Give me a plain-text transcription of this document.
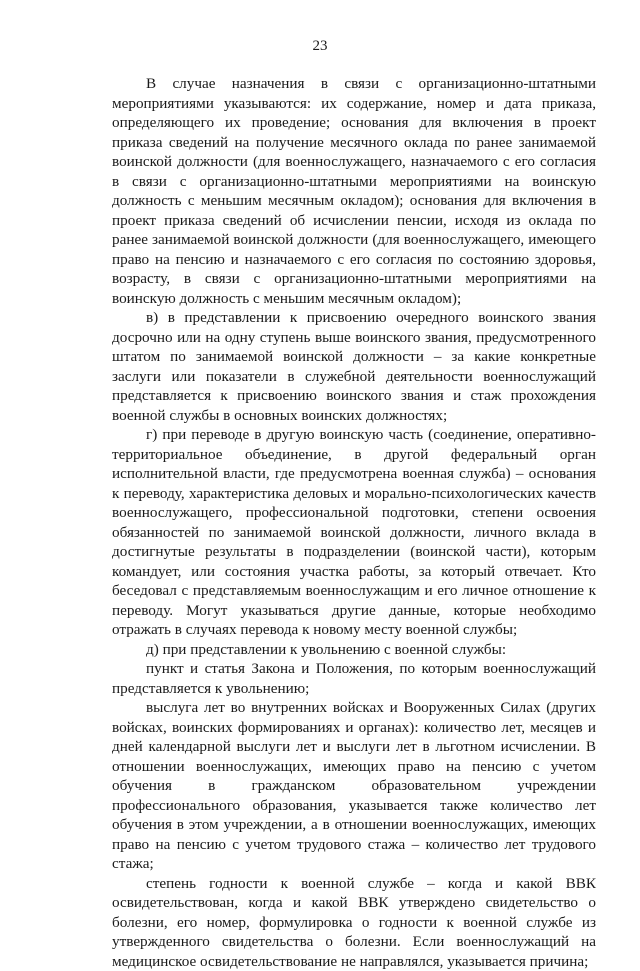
23

В случае назначения в связи с организационно-штатными мероприятиями указываются: их содержание, номер и дата приказа, определяющего их проведение; основания для включения в проект приказа сведений на получение месячного оклада по ранее занимаемой воинской должности (для военнослужащего, назначаемого с его согласия в связи с организационно-штатными мероприятиями на воинскую должность с меньшим месячным окладом); основания для включения в проект приказа сведений об исчислении пенсии, исходя из оклада по ранее занимаемой воинской должности (для военнослужащего, имеющего право на пенсию и назначаемого с его согласия по состоянию здоровья, возрасту, в связи с организационно-штатными мероприятиями на воинскую должность с меньшим месячным окладом);

в) в представлении к присвоению очередного воинского звания досрочно или на одну ступень выше воинского звания, предусмотренного штатом по занимаемой воинской должности – за какие конкретные заслуги или показатели в служебной деятельности военнослужащий представляется к присвоению воинского звания и стаж прохождения военной службы в основных воинских должностях;

г) при переводе в другую воинскую часть (соединение, оперативно-территориальное объединение, в другой федеральный орган исполнительной власти, где предусмотрена военная служба) – основания к переводу, характеристика деловых и морально-психологических качеств военнослужащего, профессиональной подготовки, степени освоения обязанностей по занимаемой воинской должности, личного вклада в достигнутые результаты в подразделении (воинской части), которым командует, или состояния участка работы, за который отвечает. Кто беседовал с представляемым военнослужащим и его личное отношение к переводу. Могут указываться другие данные, которые необходимо отражать в случаях перевода к новому месту военной службы;

д) при представлении к увольнению с военной службы:

пункт и статья Закона и Положения, по которым военнослужащий представляется к увольнению;

выслуга лет во внутренних войсках и Вооруженных Силах (других войсках, воинских формированиях и органах): количество лет, месяцев и дней календарной выслуги лет и выслуги лет в льготном исчислении. В отношении военнослужащих, имеющих право на пенсию с учетом обучения в гражданском образовательном учреждении профессионального образования, указывается также количество лет обучения в этом учреждении, а в отношении военнослужащих, имеющих право на пенсию с учетом трудового стажа – количество лет трудового стажа;

степень годности к военной службе – когда и какой ВВК освидетельствован, когда и какой ВВК утверждено свидетельство о болезни, его номер, формулировка о годности к военной службе из утвержденного свидетельства о болезни. Если военнослужащий на медицинское освидетельствование не направлялся, указывается причина;
